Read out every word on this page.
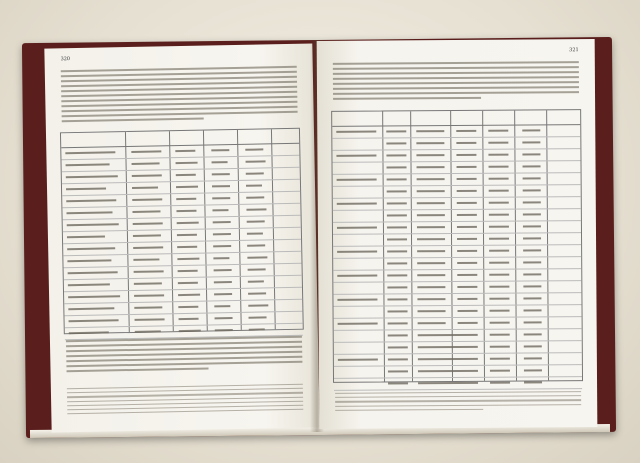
320
321
